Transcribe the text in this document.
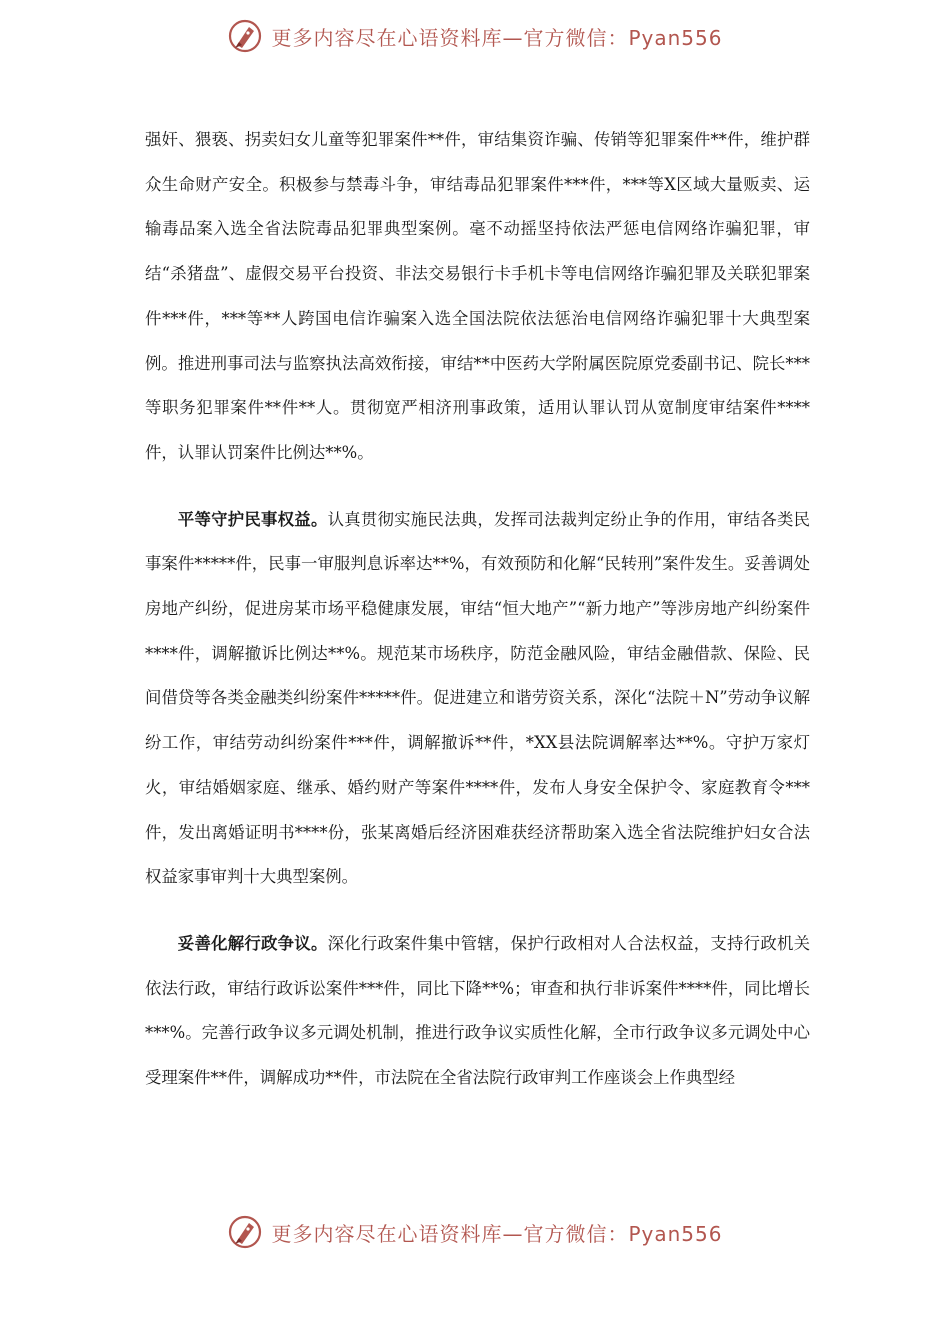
更多内容尽在心语资料库—官方微信：Pyan556

强奸、猥亵、拐卖妇女儿童等犯罪案件**件，审结集资诈骗、传销等犯罪案件**件，维护群众生命财产安全。积极参与禁毒斗争，审结毒品犯罪案件***件，***等X区域大量贩卖、运输毒品案入选全省法院毒品犯罪典型案例。毫不动摇坚持依法严惩电信网络诈骗犯罪，审结“杀猪盘”、虚假交易平台投资、非法交易银行卡手机卡等电信网络诈骗犯罪及关联犯罪案件***件，***等**人跨国电信诈骗案入选全国法院依法惩治电信网络诈骗犯罪十大典型案例。推进刑事司法与监察执法高效衔接，审结**中医药大学附属医院原党委副书记、院长***等职务犯罪案件**件**人。贯彻宽严相济刑事政策，适用认罪认罚从宽制度审结案件****件，认罪认罚案件比例达**%。

平等守护民事权益。认真贯彻实施民法典，发挥司法裁判定纷止争的作用，审结各类民事案件*****件，民事一审服判息诉率达**%，有效预防和化解“民转刑”案件发生。妥善调处房地产纠纷，促进房某市场平稳健康发展，审结“恒大地产”“新力地产”等涉房地产纠纷案件****件，调解撤诉比例达**%。规范某市场秩序，防范金融风险，审结金融借款、保险、民间借贷等各类金融类纠纷案件*****件。促进建立和谐劳资关系，深化“法院＋N”劳动争议解纷工作，审结劳动纠纷案件***件，调解撤诉**件，*XX县法院调解率达**%。守护万家灯火，审结婚姻家庭、继承、婚约财产等案件****件，发布人身安全保护令、家庭教育令***件，发出离婚证明书****份，张某离婚后经济困难获经济帮助案入选全省法院维护妇女合法权益家事审判十大典型案例。

妥善化解行政争议。深化行政案件集中管辖，保护行政相对人合法权益，支持行政机关依法行政，审结行政诉讼案件***件，同比下降**%；审查和执行非诉案件****件，同比增长***%。完善行政争议多元调处机制，推进行政争议实质性化解，全市行政争议多元调处中心受理案件**件，调解成功**件，市法院在全省法院行政审判工作座谈会上作典型经

更多内容尽在心语资料库—官方微信：Pyan556
